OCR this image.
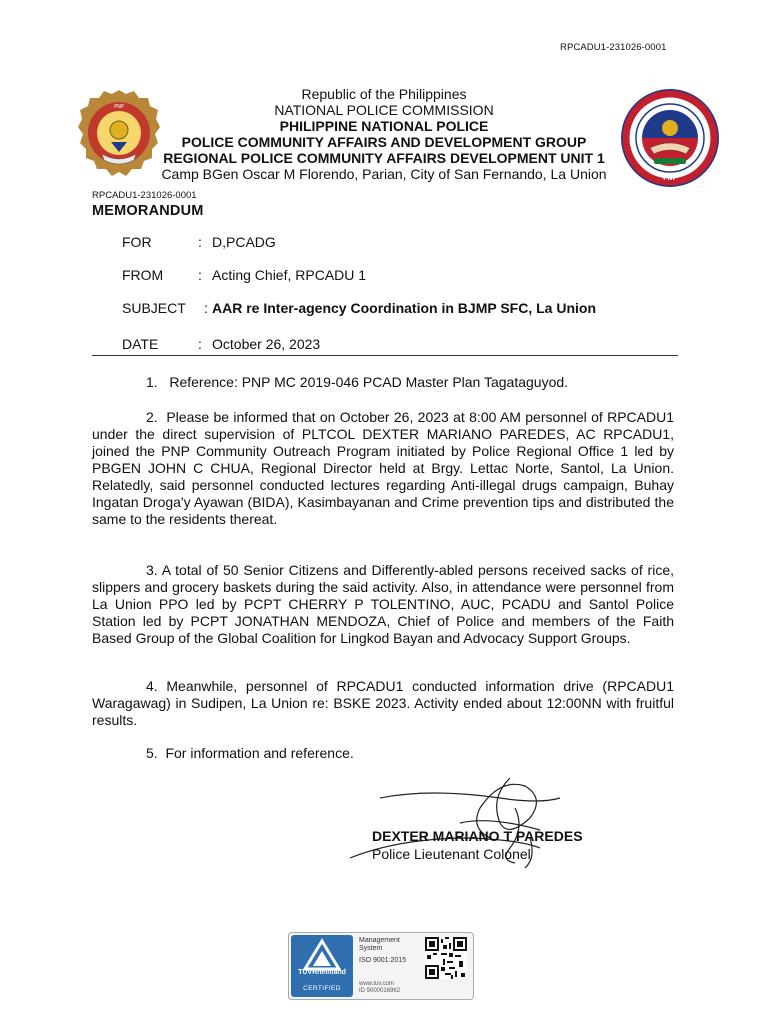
RPCADU1-231026-0001
PNP
Republic of the Philippines
NATIONAL POLICE COMMISSION
PHILIPPINE NATIONAL POLICE
POLICE COMMUNITY AFFAIRS AND DEVELOPMENT GROUP
REGIONAL POLICE COMMUNITY AFFAIRS DEVELOPMENT UNIT 1
Camp BGen Oscar M Florendo, Parian, City of San Fernando, La Union	PNP
RPCADU1-231026-0001
MEMORANDUM
FOR	: D,PCADG
FROM	: Acting Chief, RPCADU 1
SUBJECT	: AAR re Inter-agency Coordination in BJMP SFC, La Union
DATE	: October 26, 2023
1.   Reference: PNP MC 2019-046 PCAD Master Plan Tagataguyod.
2.  Please be informed that on October 26, 2023 at 8:00 AM personnel of RPCADU1 under the direct supervision of PLTCOL DEXTER MARIANO PAREDES, AC RPCADU1, joined the PNP Community Outreach Program initiated by Police Regional Office 1 led by PBGEN JOHN C CHUA, Regional Director held at Brgy. Lettac Norte, Santol, La Union. Relatedly, said personnel conducted lectures regarding Anti-illegal drugs campaign, Buhay Ingatan Droga'y Ayawan (BIDA), Kasimbayanan and Crime prevention tips and distributed the same to the residents thereat.
3. A total of 50 Senior Citizens and Differently-abled persons received sacks of rice, slippers and grocery baskets during the said activity. Also, in attendance were personnel from La Union PPO led by PCPT CHERRY P TOLENTINO, AUC, PCADU and Santol Police Station led by PCPT JONATHAN MENDOZA, Chief of Police and members of the Faith Based Group of the Global Coalition for Lingkod Bayan and Advocacy Support Groups.
4. Meanwhile, personnel of RPCADU1 conducted information drive (RPCADU1 Waragawag) in Sudipen, La Union re: BSKE 2023. Activity ended about 12:00NN with fruitful results.
5.  For information and reference.
DEXTER MARIANO T PAREDES
Police Lieutenant Colonel
TÜVRheinland
CERTIFIED
Management System
ISO 9001:2015
www.tuv.com
ID 9000016962
